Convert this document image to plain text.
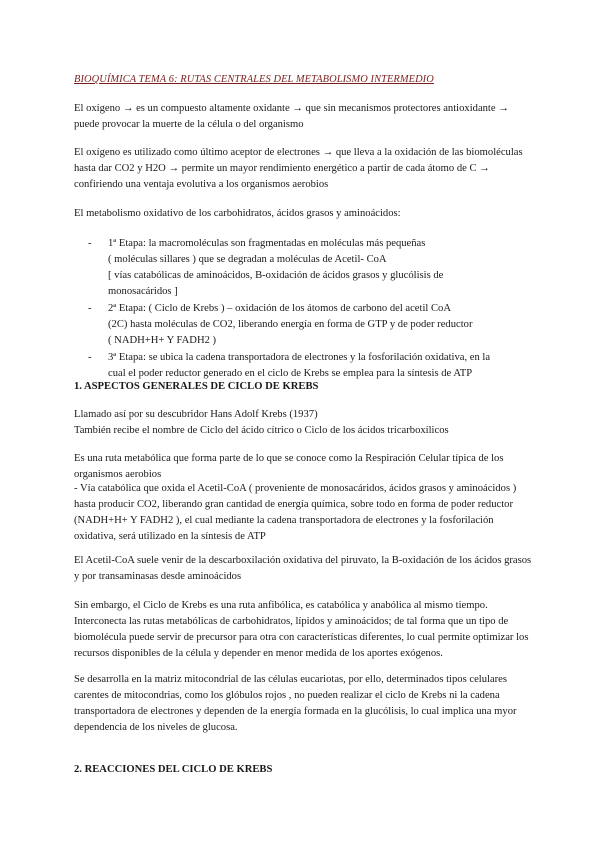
BIOQUÍMICA TEMA 6: RUTAS CENTRALES DEL METABOLISMO INTERMEDIO

El oxígeno → es un compuesto altamente oxidante → que sin mecanismos protectores antioxidante → puede provocar la muerte de la célula o del organismo

El oxígeno es utilizado como último aceptor de electrones → que lleva a la oxidación de las biomoléculas hasta dar CO2 y H2O → permite un mayor rendimiento energético a partir de cada átomo de C → confiriendo una ventaja evolutiva a los organismos aerobios

El metabolismo oxidativo de los carbohidratos, ácidos grasos y aminoácidos:

- 1ª Etapa: la macromoléculas son fragmentadas en moléculas más pequeñas
( moléculas sillares ) que se degradan a moléculas de Acetil- CoA
[ vías catabólicas de aminoácidos, B-oxidación de ácidos grasos y glucólisis de
monosacáridos ]
- 2ª Etapa: ( Ciclo de Krebs ) – oxidación de los átomos de carbono del acetil CoA
(2C) hasta moléculas de CO2, liberando energía en forma de GTP y de poder reductor
( NADH+H+ Y FADH2 )
- 3ª Etapa: se ubica la cadena transportadora de electrones y la fosforilación oxidativa, en la
cual el poder reductor generado en el ciclo de Krebs se emplea para la síntesis de ATP
1. ASPECTOS GENERALES DE CICLO DE KREBS

Llamado así por su descubridor Hans Adolf Krebs (1937)
También recibe el nombre de Ciclo del ácido cítrico o Ciclo de los ácidos tricarboxílicos

Es una ruta metabólica que forma parte de lo que se conoce como la Respiración Celular típica de los organismos aerobios

- Vía catabólica que oxida el Acetil-CoA ( proveniente de monosacáridos, ácidos grasos y aminoácidos ) hasta producir CO2, liberando gran cantidad de energía química, sobre todo en forma de poder reductor (NADH+H+ Y FADH2 ), el cual mediante la cadena transportadora de electrones y la fosforilación oxidativa, será utilizado en la síntesis de ATP

El Acetil-CoA suele venir de la descarboxilación oxidativa del piruvato, la B-oxidación de los ácidos grasos y por transaminasas desde aminoácidos

Sin embargo, el Ciclo de Krebs es una ruta anfibólica, es catabólica y anabólica al mismo tiempo. Interconecta las rutas metabólicas de carbohidratos, lípidos y aminoácidos; de tal forma que un tipo de biomolécula puede servir de precursor para otra con características diferentes, lo cual permite optimizar los recursos disponibles de la célula y depender en menor medida de los aportes exógenos.

Se desarrolla en la matriz mitocondrial de las células eucariotas, por ello, determinados tipos celulares carentes de mitocondrias, como los glóbulos rojos , no pueden realizar el ciclo de Krebs ni la cadena transportadora de electrones y dependen de la energía formada en la glucólisis, lo cual implica una myor dependencia de los niveles de glucosa.

2. REACCIONES DEL CICLO DE KREBS
